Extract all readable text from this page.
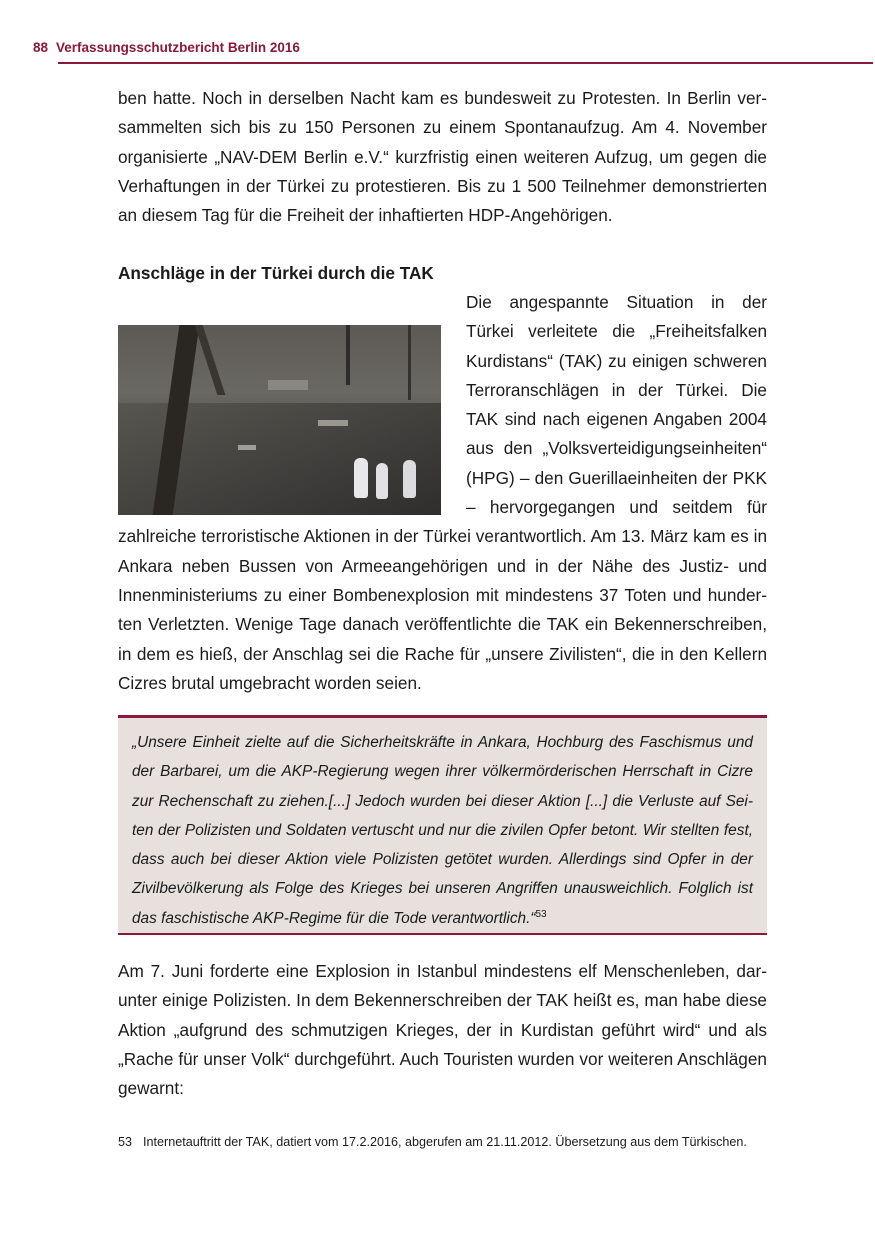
88 Verfassungsschutzbericht Berlin 2016

ben hatte. Noch in derselben Nacht kam es bundesweit zu Protesten. In Berlin versammelten sich bis zu 150 Personen zu einem Spontanaufzug. Am 4. November organisierte „NAV-DEM Berlin e.V.“ kurzfristig einen weiteren Aufzug, um gegen die Verhaftungen in der Türkei zu protestieren. Bis zu 1 500 Teilnehmer demonstrierten an diesem Tag für die Freiheit der inhaftierten HDP-Angehörigen.

Anschläge in der Türkei durch die TAK

Die angespannte Situation in der Türkei verleitete die „Freiheitsfalken Kurdistans“ (TAK) zu einigen schweren Terroranschlägen in der Türkei. Die TAK sind nach eigenen Angaben 2004 aus den „Volksverteidigungseinheiten“ (HPG) – den Guerillaeinheiten der PKK – hervorgegangen und seitdem für zahlreiche terroristische Aktionen in der Türkei verantwortlich. Am 13. März kam es in Ankara neben Bussen von Armeeangehörigen und in der Nähe des Justiz- und Innenministeriums zu einer Bombenexplosion mit mindestens 37 Toten und hunderten Verletzten. Wenige Tage danach veröffentlichte die TAK ein Bekennerschreiben, in dem es hieß, der Anschlag sei die Rache für „unsere Zivilisten“, die in den Kellern Cizres brutal umgebracht worden seien.

„Unsere Einheit zielte auf die Sicherheitskräfte in Ankara, Hochburg des Faschismus und der Barbarei, um die AKP-Regierung wegen ihrer völkermörderischen Herrschaft in Cizre zur Rechenschaft zu ziehen.[...] Jedoch wurden bei dieser Aktion [...] die Verluste auf Seiten der Polizisten und Soldaten vertuscht und nur die zivilen Opfer betont. Wir stellten fest, dass auch bei dieser Aktion viele Polizisten getötet wurden. Allerdings sind Opfer in der Zivilbevölkerung als Folge des Krieges bei unseren Angriffen unausweichlich. Folglich ist das faschistische AKP-Regime für die Tode verantwortlich.“$^{53}$

Am 7. Juni forderte eine Explosion in Istanbul mindestens elf Menschenleben, darunter einige Polizisten. In dem Bekennerschreiben der TAK heißt es, man habe diese Aktion „aufgrund des schmutzigen Krieges, der in Kurdistan geführt wird“ und als „Rache für unser Volk“ durchgeführt. Auch Touristen wurden vor weiteren Anschlägen gewarnt:

53 Internetauftritt der TAK, datiert vom 17.2.2016, abgerufen am 21.11.2012. Übersetzung aus dem Türkischen.
